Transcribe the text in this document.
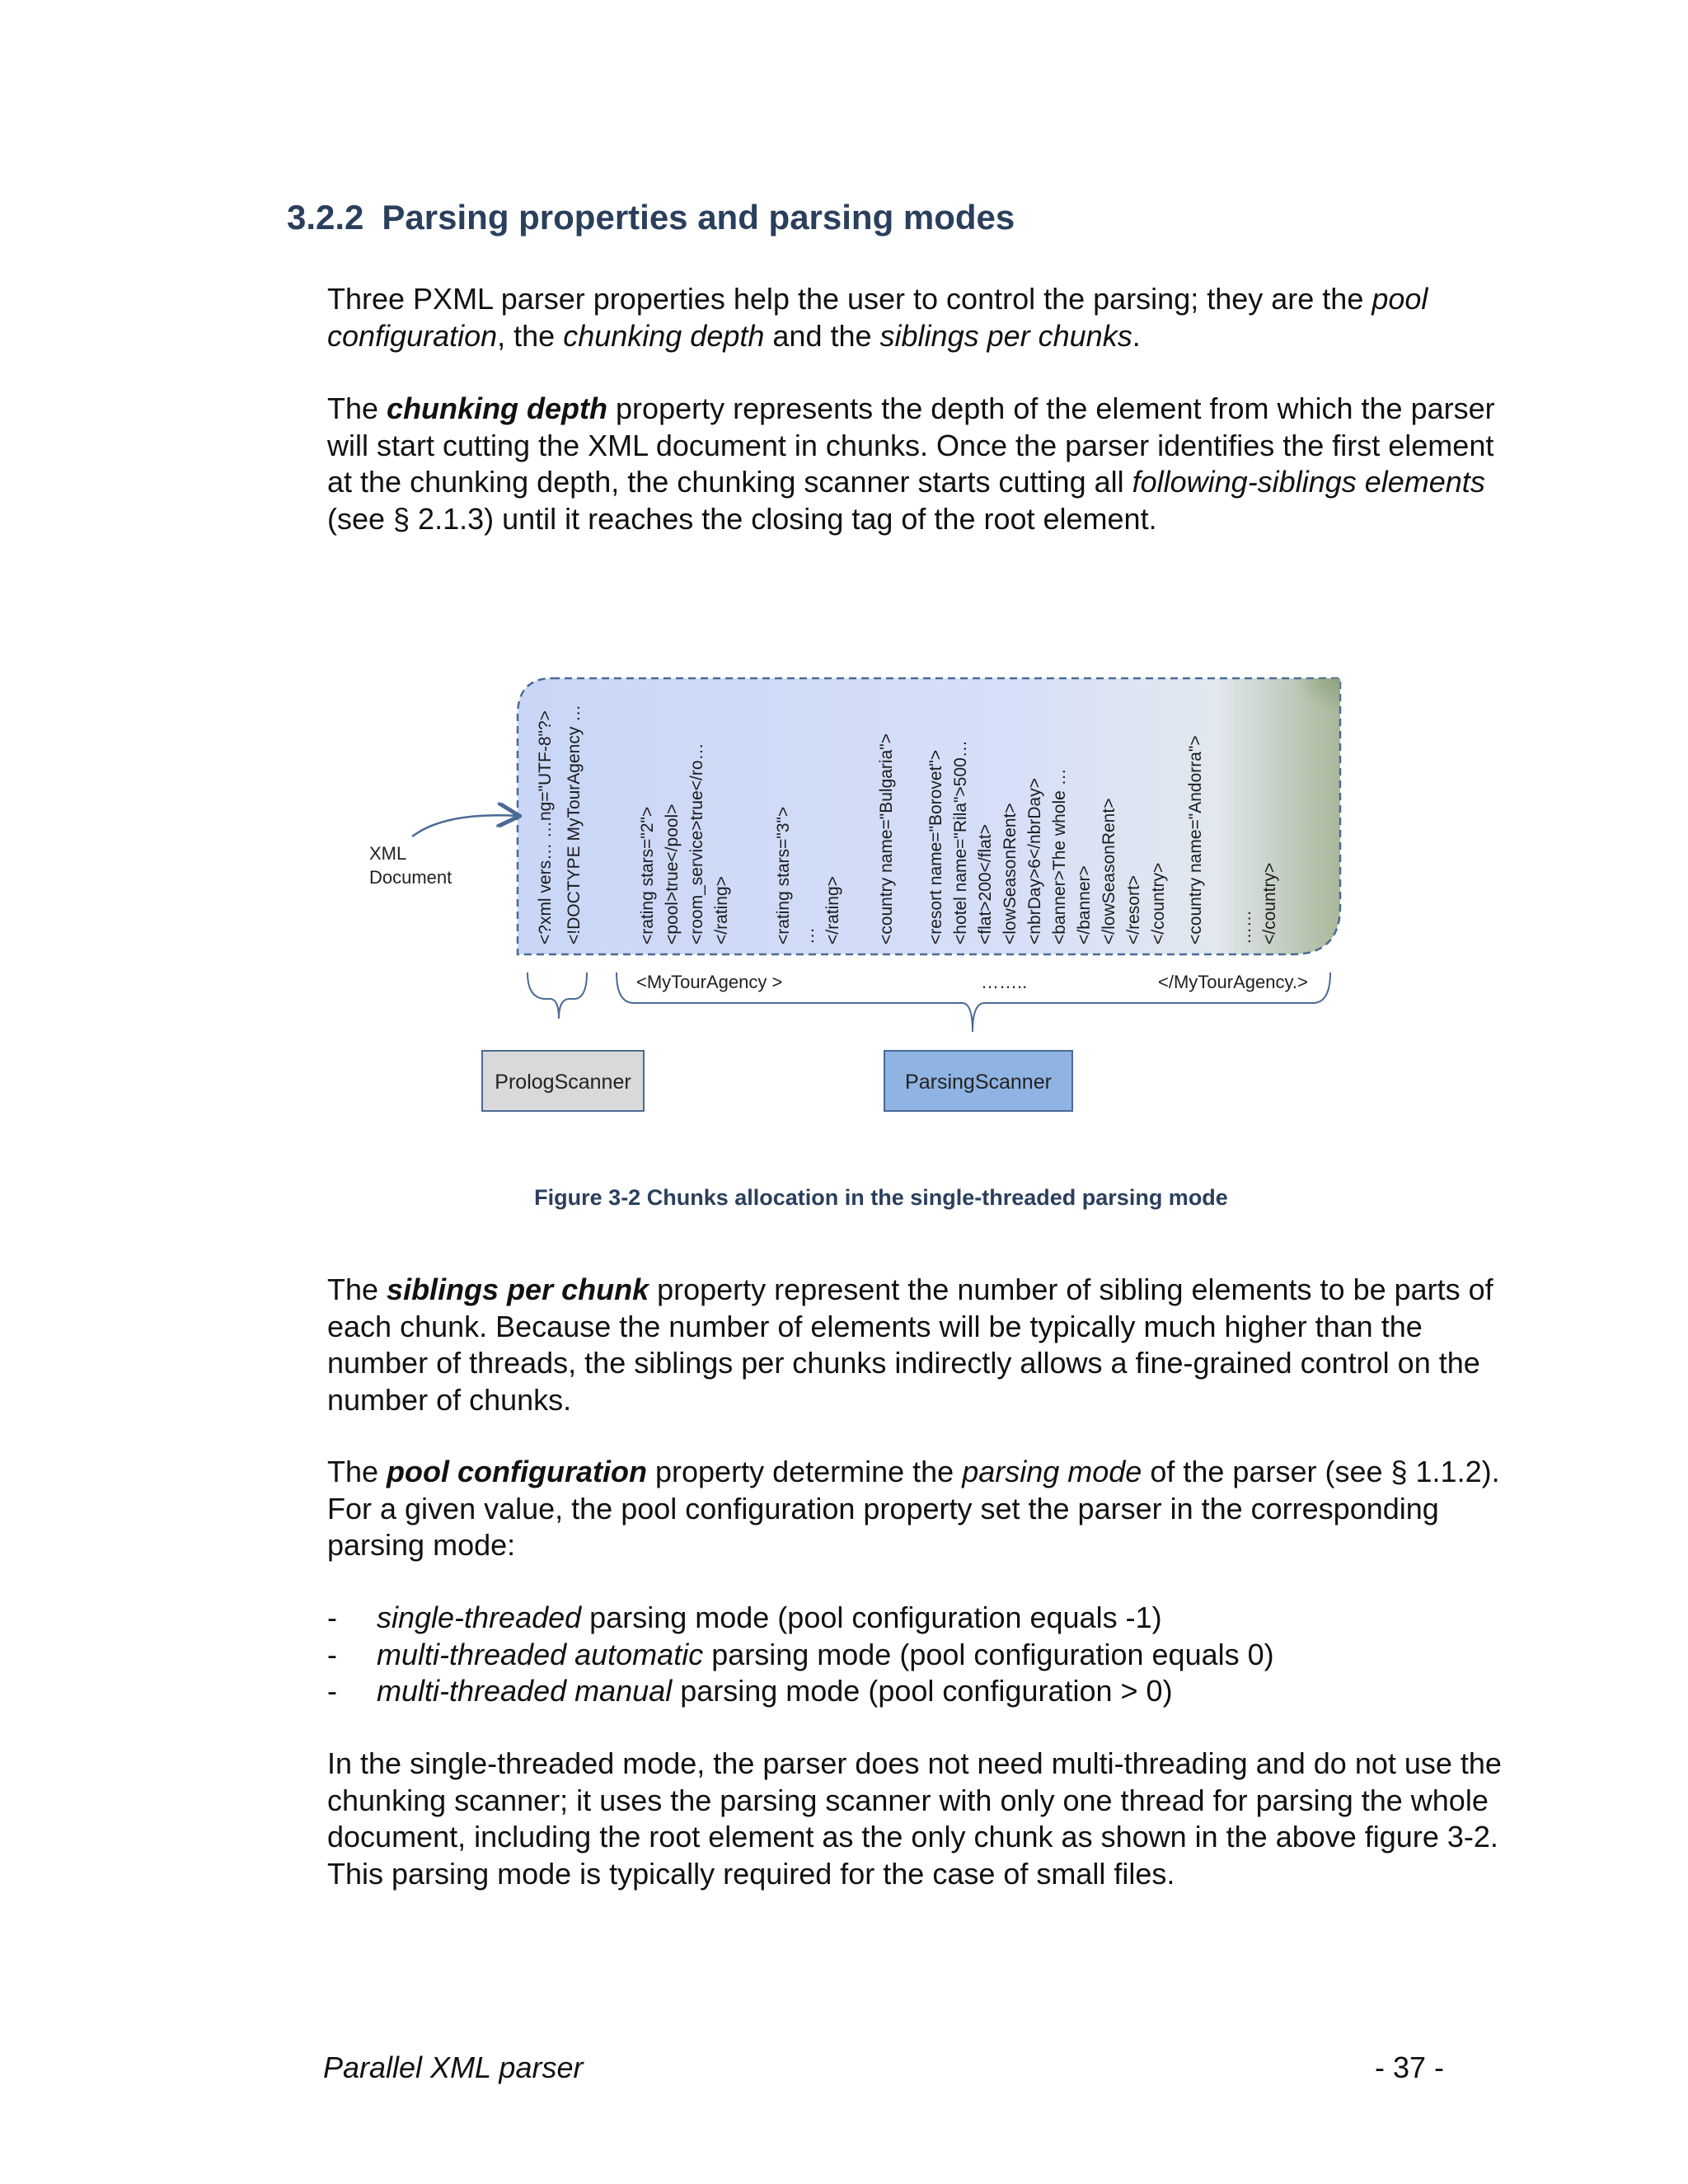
3.2.2 Parsing properties and parsing modes
Three PXML parser properties help the user to control the parsing; they are the pool configuration, the chunking depth and the siblings per chunks.
The chunking depth property represents the depth of the element from which the parser will start cutting the XML document in chunks. Once the parser identifies the first element at the chunking depth, the chunking scanner starts cutting all following-siblings elements (see § 2.1.3) until it reaches the closing tag of the root element.
XML
Document	<?xml vers… …ng="UTF-8"?> <!DOCTYPE MyTourAgency …	<rating stars="2"> <pool>true</pool> <room_service>true</ro… </rating> <rating stars="3"> … </rating> <country name="Bulgaria"> <resort name="Borovet"> <hotel name="Rila">500… <flat>200</flat> <lowSeasonRent> <nbrDay>6</nbrDay> <banner>The whole … </banner> </lowSeasonRent> </resort> </country> <country name="Andorra"> …… </country>
<MyTourAgency >	……..	</MyTourAgency.>
PrologScanner	ParsingScanner
Figure 3-2 Chunks allocation in the single-threaded parsing mode
The siblings per chunk property represent the number of sibling elements to be parts of each chunk. Because the number of elements will be typically much higher than the number of threads, the siblings per chunks indirectly allows a fine-grained control on the number of chunks.
The pool configuration property determine the parsing mode of the parser (see § 1.1.2). For a given value, the pool configuration property set the parser in the corresponding parsing mode:
-	single-threaded parsing mode (pool configuration equals -1)
-	multi-threaded automatic parsing mode (pool configuration equals 0)
-	multi-threaded manual parsing mode (pool configuration > 0)
In the single-threaded mode, the parser does not need multi-threading and do not use the chunking scanner; it uses the parsing scanner with only one thread for parsing the whole document, including the root element as the only chunk as shown in the above figure 3-2. This parsing mode is typically required for the case of small files.
Parallel XML parser	- 37 -
